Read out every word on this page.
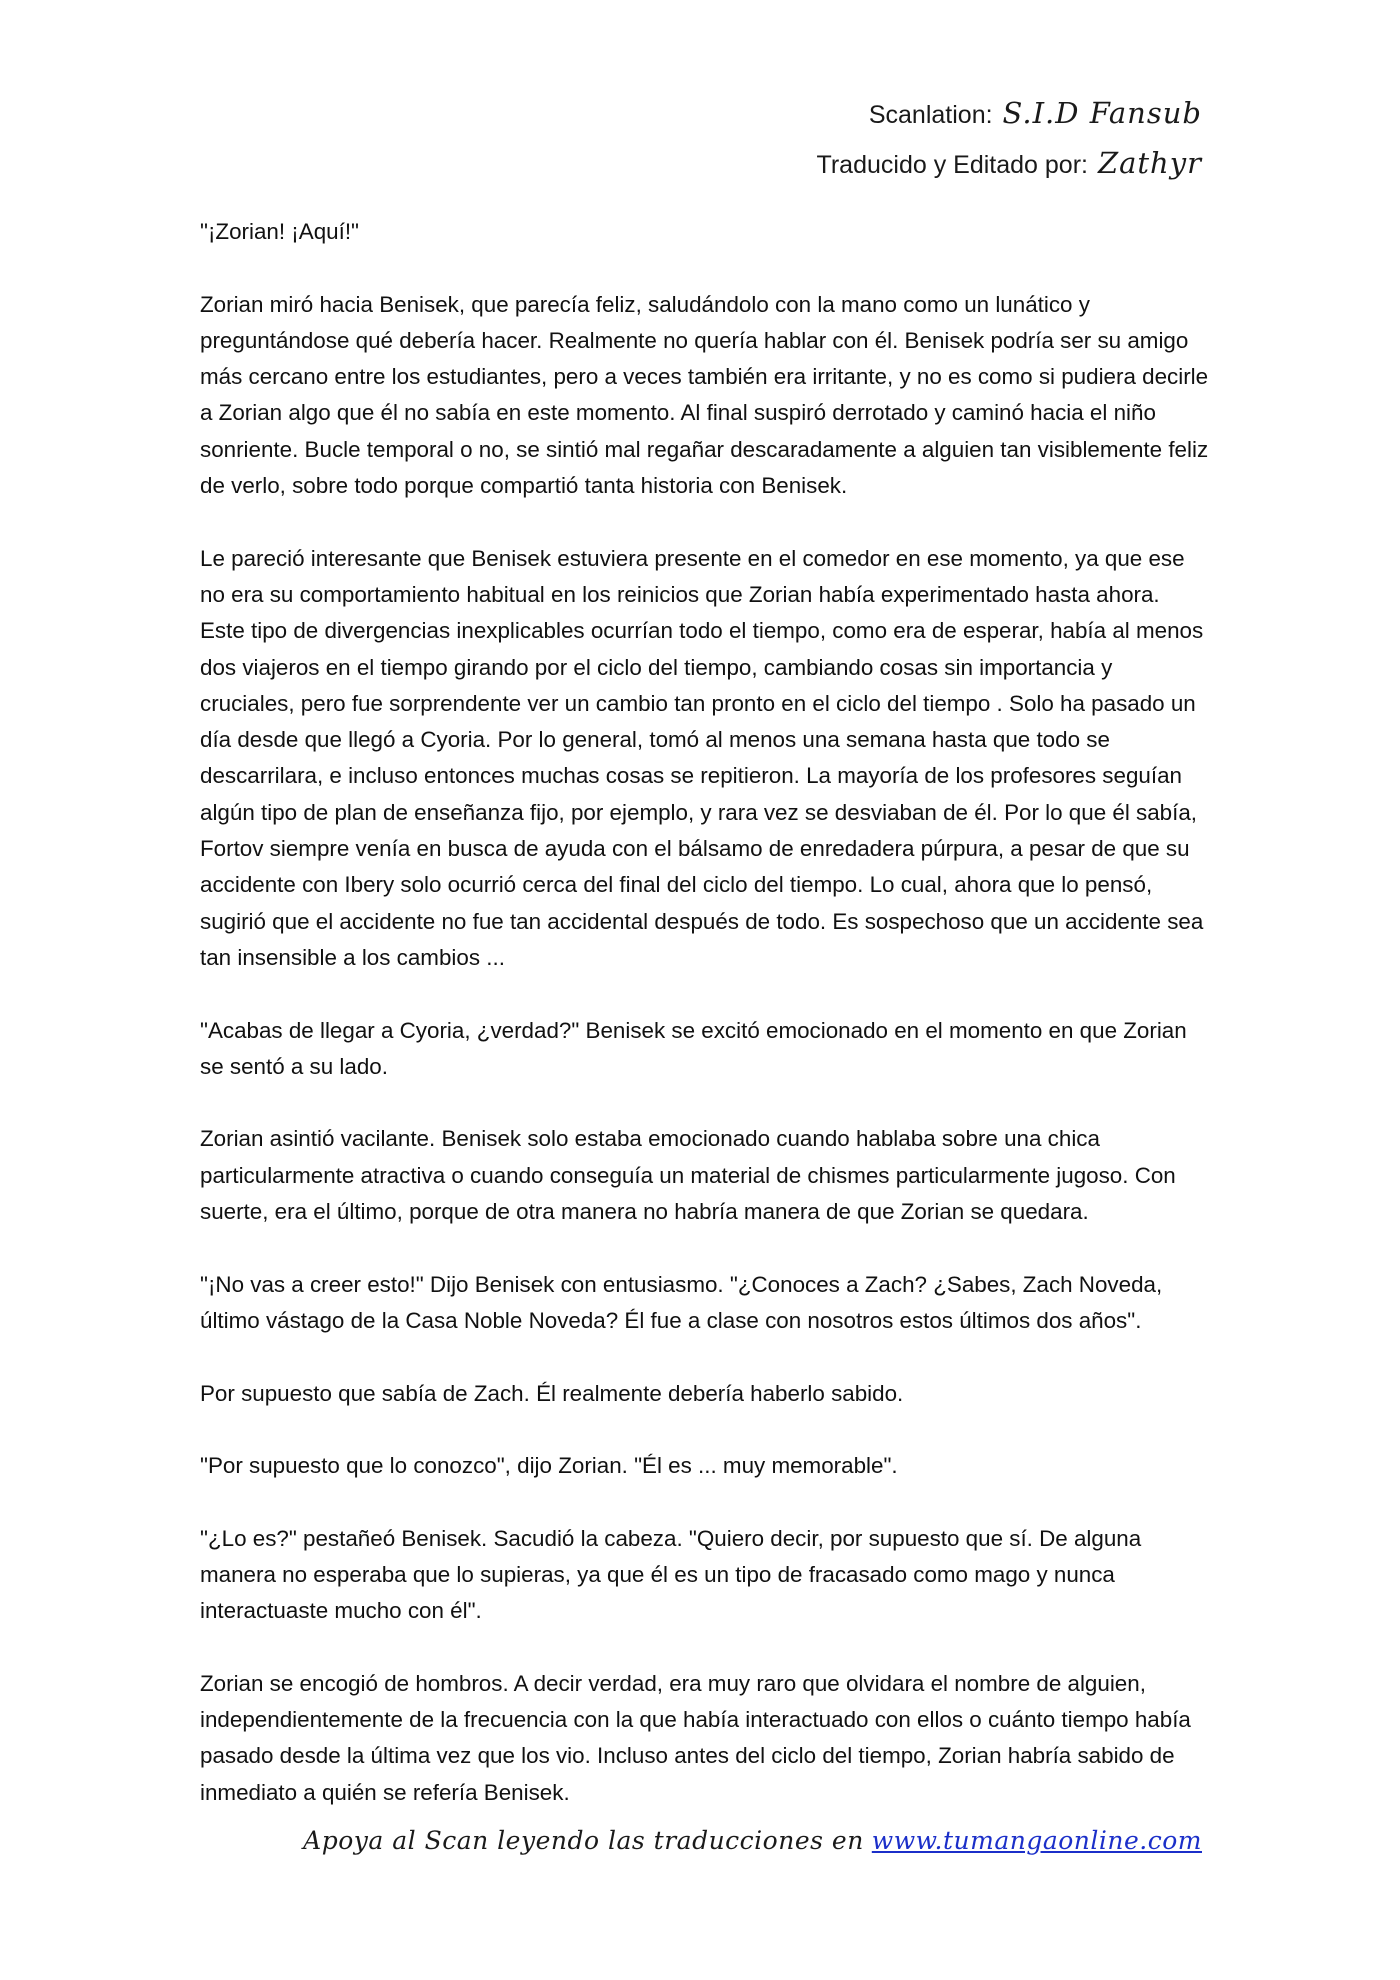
Scanlation: S.I.D Fansub
Traducido y Editado por: Zathyr

"¡Zorian! ¡Aquí!"

Zorian miró hacia Benisek, que parecía feliz, saludándolo con la mano como un lunático y preguntándose qué debería hacer. Realmente no quería hablar con él. Benisek podría ser su amigo más cercano entre los estudiantes, pero a veces también era irritante, y no es como si pudiera decirle a Zorian algo que él no sabía en este momento. Al final suspiró derrotado y caminó hacia el niño sonriente. Bucle temporal o no, se sintió mal regañar descaradamente a alguien tan visiblemente feliz de verlo, sobre todo porque compartió tanta historia con Benisek.

Le pareció interesante que Benisek estuviera presente en el comedor en ese momento, ya que ese no era su comportamiento habitual en los reinicios que Zorian había experimentado hasta ahora. Este tipo de divergencias inexplicables ocurrían todo el tiempo, como era de esperar, había al menos dos viajeros en el tiempo girando por el ciclo del tiempo, cambiando cosas sin importancia y cruciales, pero fue sorprendente ver un cambio tan pronto en el ciclo del tiempo . Solo ha pasado un día desde que llegó a Cyoria. Por lo general, tomó al menos una semana hasta que todo se descarrilara, e incluso entonces muchas cosas se repitieron. La mayoría de los profesores seguían algún tipo de plan de enseñanza fijo, por ejemplo, y rara vez se desviaban de él. Por lo que él sabía, Fortov siempre venía en busca de ayuda con el bálsamo de enredadera púrpura, a pesar de que su accidente con Ibery solo ocurrió cerca del final del ciclo del tiempo. Lo cual, ahora que lo pensó, sugirió que el accidente no fue tan accidental después de todo. Es sospechoso que un accidente sea tan insensible a los cambios ...

"Acabas de llegar a Cyoria, ¿verdad?" Benisek se excitó emocionado en el momento en que Zorian se sentó a su lado.

Zorian asintió vacilante. Benisek solo estaba emocionado cuando hablaba sobre una chica particularmente atractiva o cuando conseguía un material de chismes particularmente jugoso. Con suerte, era el último, porque de otra manera no habría manera de que Zorian se quedara.

"¡No vas a creer esto!" Dijo Benisek con entusiasmo. "¿Conoces a Zach? ¿Sabes, Zach Noveda, último vástago de la Casa Noble Noveda? Él fue a clase con nosotros estos últimos dos años".

Por supuesto que sabía de Zach. Él realmente debería haberlo sabido.

"Por supuesto que lo conozco", dijo Zorian. "Él es ... muy memorable".

"¿Lo es?" pestañeó Benisek. Sacudió la cabeza. "Quiero decir, por supuesto que sí. De alguna manera no esperaba que lo supieras, ya que él es un tipo de fracasado como mago y nunca interactuaste mucho con él".

Zorian se encogió de hombros. A decir verdad, era muy raro que olvidara el nombre de alguien, independientemente de la frecuencia con la que había interactuado con ellos o cuánto tiempo había pasado desde la última vez que los vio. Incluso antes del ciclo del tiempo, Zorian habría sabido de inmediato a quién se refería Benisek.

Apoya al Scan leyendo las traducciones en www.tumangaonline.com
